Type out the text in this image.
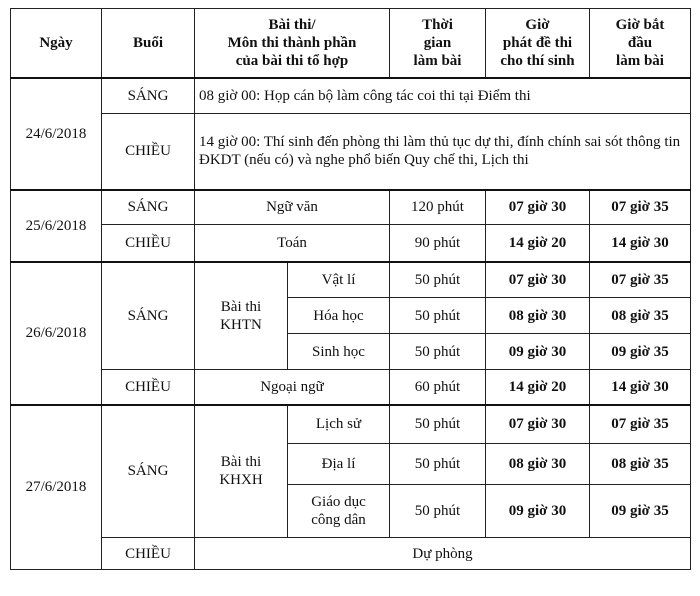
Ngày	Buổi	Bài thi/
Môn thi thành phần
của bài thi tổ hợp		Thời
gian
làm bài	Giờ
phát đề thi
cho thí sinh	Giờ bắt
đầu
làm bài
24/6/2018	SÁNG	08 giờ 00: Họp cán bộ làm công tác coi thi tại Điểm thi				
	CHIỀU	14 giờ 00: Thí sinh đến phòng thi làm thủ tục dự thi, đính chính sai sót thông tin ĐKDT (nếu có) và nghe phổ biến Quy chế thi, Lịch thi				
25/6/2018	SÁNG	Ngữ văn		120 phút	07 giờ 30	07 giờ 35
	CHIỀU	Toán		90 phút	14 giờ 20	14 giờ 30
26/6/2018	SÁNG	Bài thi
KHTN	Vật lí	50 phút	07 giờ 30	07 giờ 35
			Hóa học	50 phút	08 giờ 30	08 giờ 35
			Sinh học	50 phút	09 giờ 30	09 giờ 35
	CHIỀU	Ngoại ngữ		60 phút	14 giờ 20	14 giờ 30
27/6/2018	SÁNG	Bài thi
KHXH	Lịch sử	50 phút	07 giờ 30	07 giờ 35
			Địa lí	50 phút	08 giờ 30	08 giờ 35
			Giáo dục
công dân	50 phút	09 giờ 30	09 giờ 35
	CHIỀU	Dự phòng				
